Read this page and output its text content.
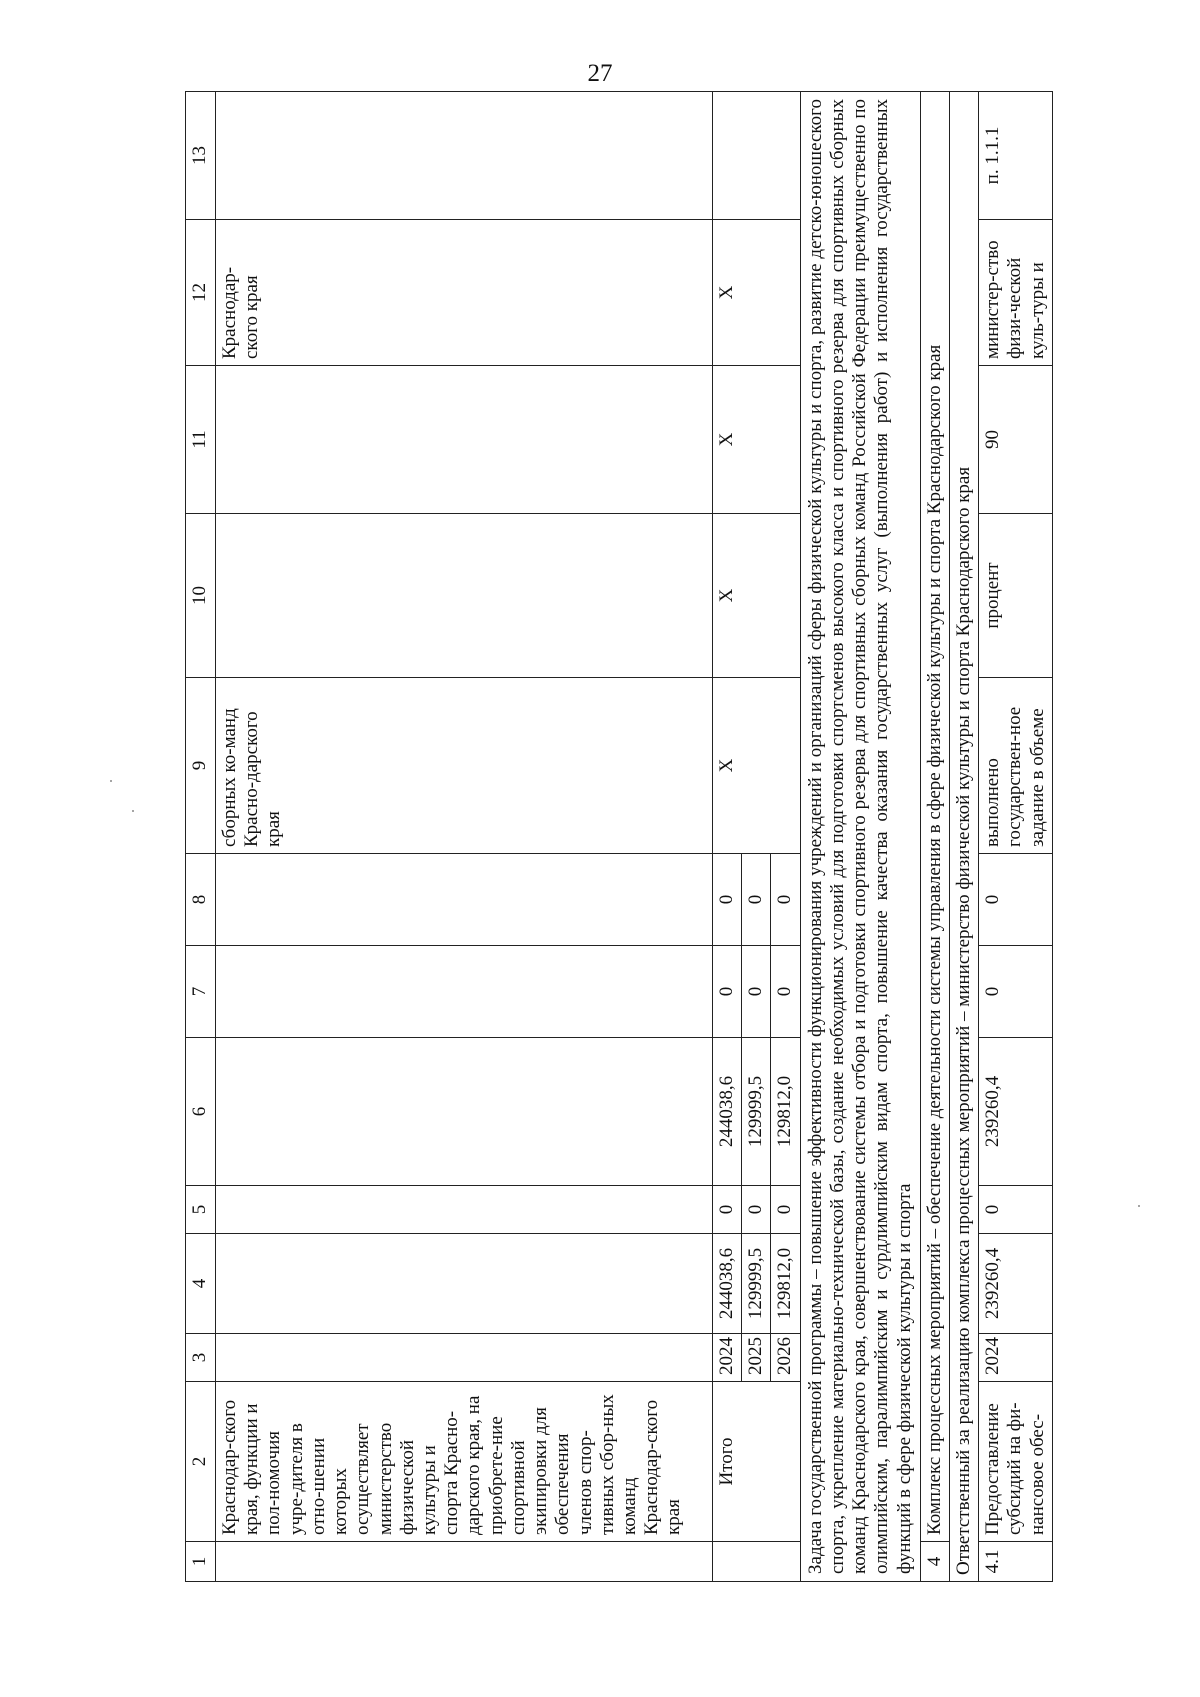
27
1	2	3	4	5	6	7	8	9	10	11	12	13
	Краснодар-ского края, функции и пол-номочия учре-дителя в отно-шении которых осуществляет министерство физической культуры и спорта Красно-дарского края, на приобрете-ние спортивной экипировки для обеспечения членов спор-тивных сбор-ных команд Краснодар-ского края							сборных ко-манд Красно-дарского края			Краснодар-ского края	
	Итого	2024	244038,6	0	244038,6	0	0	Х	Х	Х	Х	
		2025	129999,5	0	129999,5	0	0					
		2026	129812,0	0	129812,0	0	0					
Задача государственной программы – повышение эффективности функционирования учреждений и организаций сферы физической культуры и спорта, развитие детско-юношеского спорта, укрепление материально-технической базы, создание необходимых условий для подготовки спортсменов высокого класса и спортивного резерва для спортивных сборных команд Краснодарского края, совершенствование системы отбора и подготовки спортивного резерва для спортивных сборных команд Российской Федерации преимущественно по олимпийским, паралимпийским и сурдлимпийским видам спорта, повышение качества оказания государственных услуг (выполнения работ) и исполнения государственных функций в сфере физической культуры и спорта												
4	Комплекс процессных мероприятий – обеспечение деятельности системы управления в сфере физической культуры и спорта Краснодарского края											
Ответственный за реализацию комплекса процессных мероприятий – министерство физической культуры и спорта Краснодарского края												
4.1	Предоставление субсидий на фи-нансовое обес-	2024	239260,4	0	239260,4	0	0	выполнено государствен-ное задание в объеме	процент	90	министер-ство физи-ческой куль-туры и	п. 1.1.1
